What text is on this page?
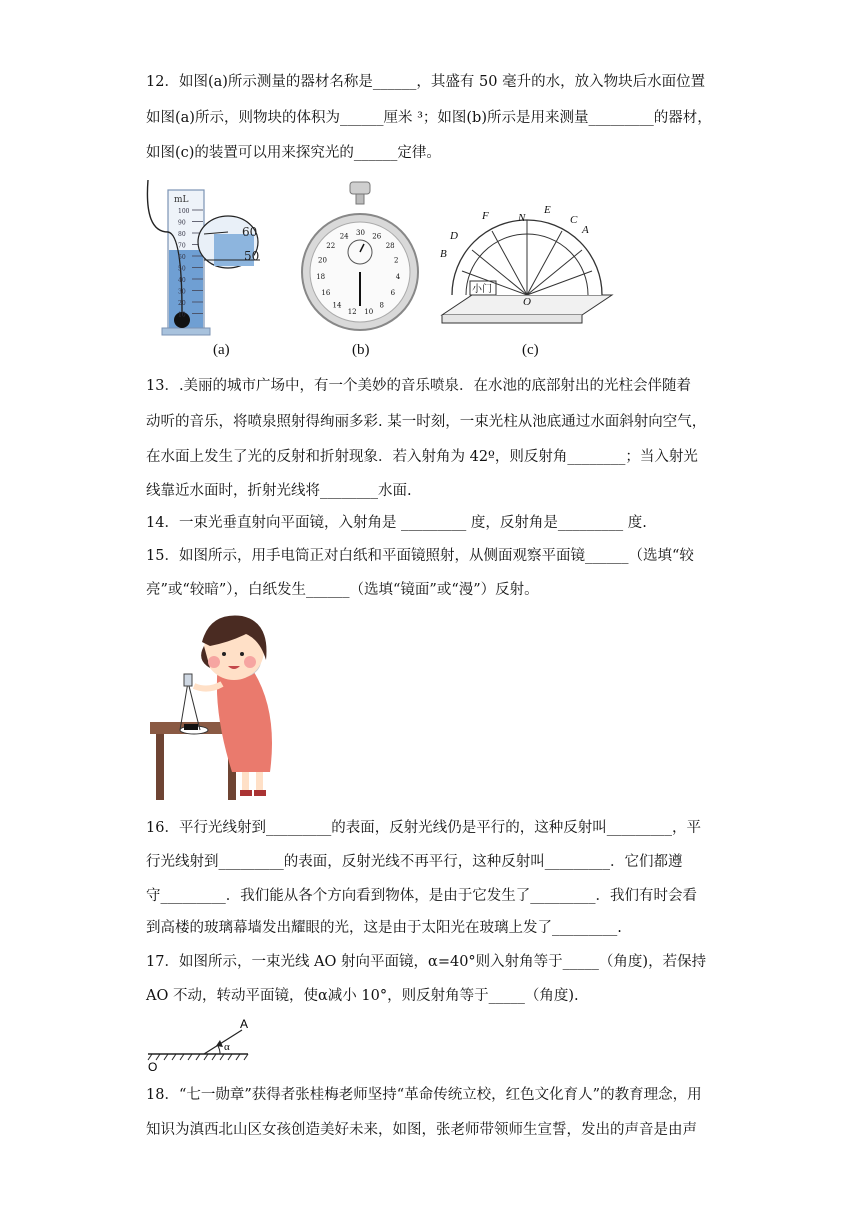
12．如图(a)所示测量的器材名称是______，其盛有 50 毫升的水，放入物块后水面位置
如图(a)所示，则物块的体积为______厘米 ³；如图(b)所示是用来测量_________的器材，
如图(c)的装置可以用来探究光的______定律。
mL
100
90
80
70
60
50
40
30
20
10
60
50
30 26
28
2
4
6
8
10
12
14
16
18
20
22
24
小门
B
D
F	N
E
C
A
O
(a)	(b)	(c)
13．.美丽的城市广场中，有一个美妙的音乐喷泉．在水池的底部射出的光柱会伴随着
动听的音乐，将喷泉照射得绚丽多彩. 某一时刻，一束光柱从池底通过水面斜射向空气，
在水面上发生了光的反射和折射现象．若入射角为 42º，则反射角________；当入射光
线靠近水面时，折射光线将________水面.
14．一束光垂直射向平面镜，入射角是 _________ 度，反射角是_________ 度.
15．如图所示，用手电筒正对白纸和平面镜照射，从侧面观察平面镜______（选填“较
亮”或“较暗”），白纸发生______（选填“镜面”或“漫”）反射。
16．平行光线射到_________的表面，反射光线仍是平行的，这种反射叫_________，平
行光线射到_________的表面，反射光线不再平行，这种反射叫_________．它们都遵
守_________．我们能从各个方向看到物体，是由于它发生了_________．我们有时会看
到高楼的玻璃幕墙发出耀眼的光，这是由于太阳光在玻璃上发了_________.
17．如图所示，一束光线 AO 射向平面镜，α=40°则入射角等于_____（角度)，若保持
AO 不动，转动平面镜，使α减小 10°，则反射角等于_____（角度).
A
α
O
18．“七一勋章”获得者张桂梅老师坚持“革命传统立校，红色文化育人”的教育理念，用
知识为滇西北山区女孩创造美好未来，如图，张老师带领师生宣誓，发出的声音是由声
